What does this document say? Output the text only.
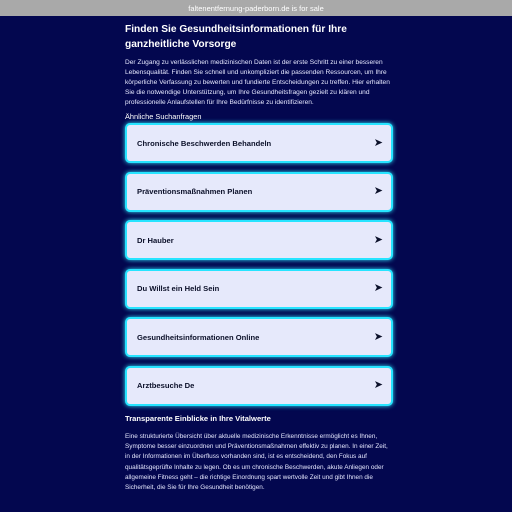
faltenentfernung-paderborn.de is for sale
Finden Sie Gesundheitsinformationen für Ihre ganzheitliche Vorsorge
Der Zugang zu verlässlichen medizinischen Daten ist der erste Schritt zu einer besseren Lebensqualität. Finden Sie schnell und unkompliziert die passenden Ressourcen, um Ihre körperliche Verfassung zu bewerten und fundierte Entscheidungen zu treffen. Hier erhalten Sie die notwendige Unterstützung, um Ihre Gesundheitsfragen gezielt zu klären und professionelle Anlaufstellen für Ihre Bedürfnisse zu identifizieren.
Ähnliche Suchanfragen
Chronische Beschwerden Behandeln	➤
Präventionsmaßnahmen Planen	➤
Dr Hauber	➤
Du Willst ein Held Sein	➤
Gesundheitsinformationen Online	➤
Arztbesuche De	➤
Transparente Einblicke in Ihre Vitalwerte
Eine strukturierte Übersicht über aktuelle medizinische Erkenntnisse ermöglicht es Ihnen, Symptome besser einzuordnen und Präventionsmaßnahmen effektiv zu planen. In einer Zeit, in der Informationen im Überfluss vorhanden sind, ist es entscheidend, den Fokus auf qualitätsgeprüfte Inhalte zu legen. Ob es um chronische Beschwerden, akute Anliegen oder allgemeine Fitness geht – die richtige Einordnung spart wertvolle Zeit und gibt Ihnen die Sicherheit, die Sie für Ihre Gesundheit benötigen.
